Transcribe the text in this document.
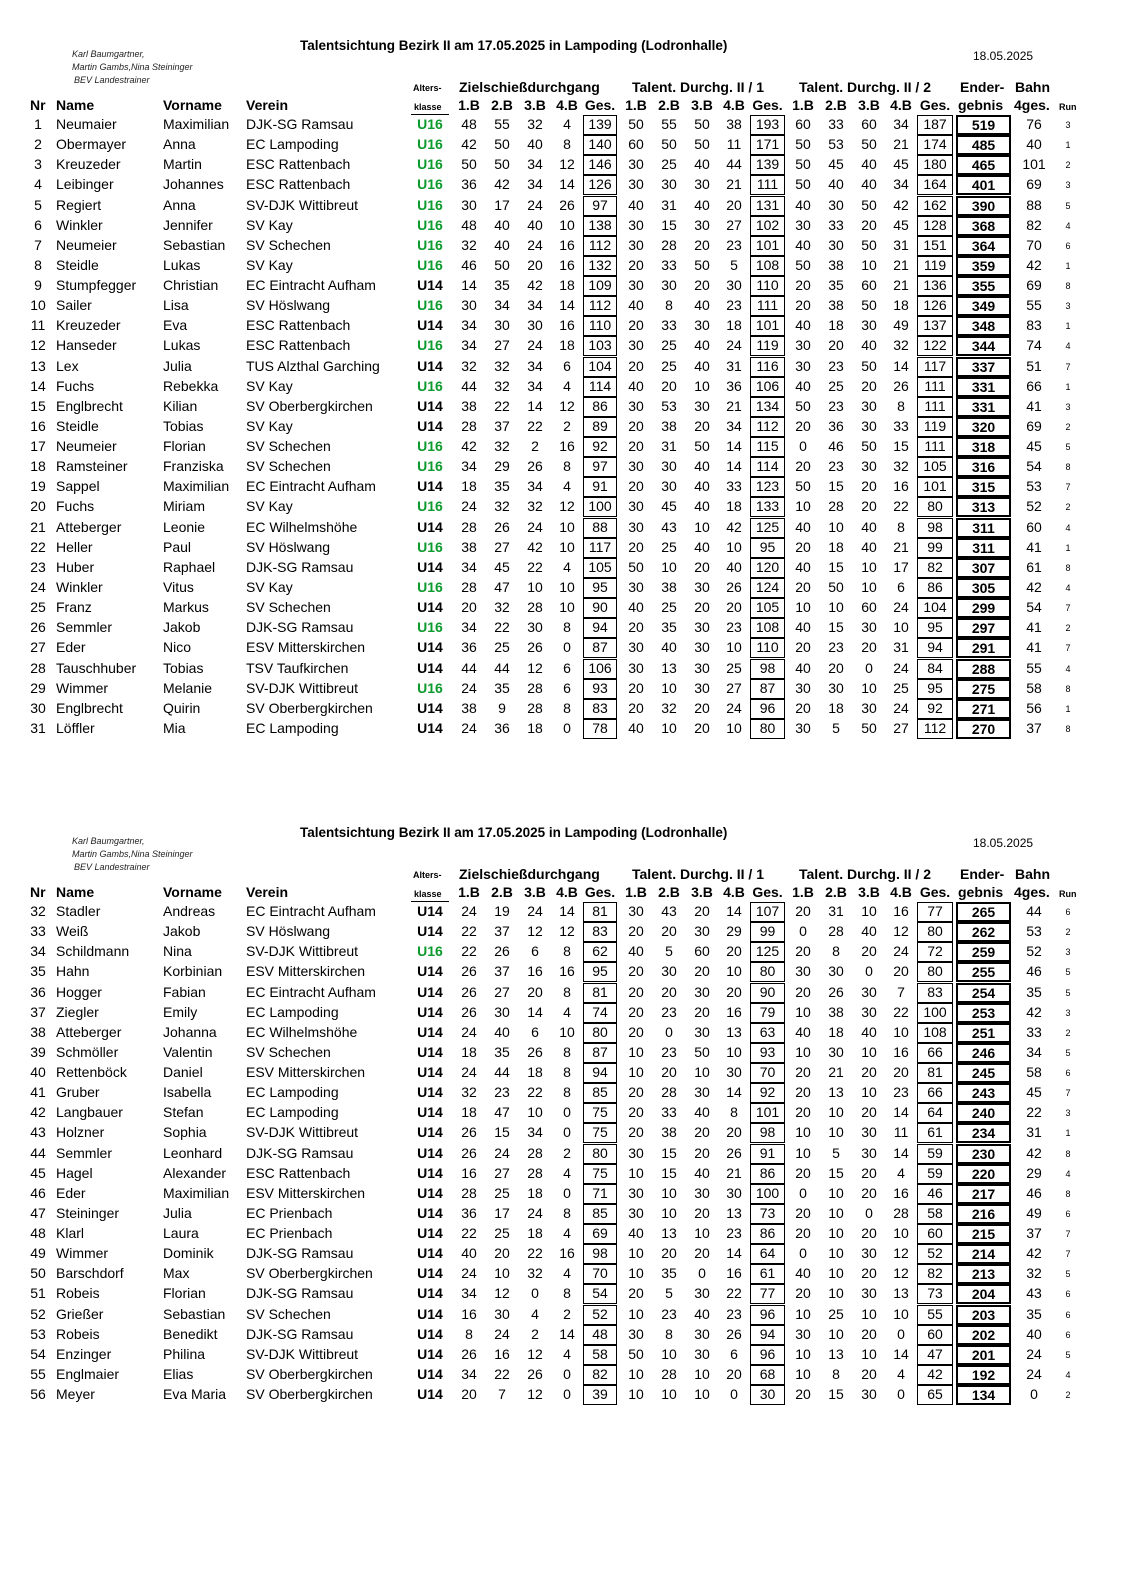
Karl Baumgartner,
Martin Gambs,Nina Steininger
BEV Landestrainer
Talentsichtung Bezirk II am 17.05.2025 in Lampoding (Lodronhalle)
18.05.2025
Zielschießdurchgang Talent. Durchg. II / 1	Talent. Durchg. II / 2 Ender- Bahn
Alters-
Nr Name	Vorname Verein	klasse	gebnis 4ges. Run
1.B 2.B 3.B 4.B Ges. 1.B 2.B 3.B 4.B Ges. 1.B 2.B 3.B 4.B Ges.
1	Neumaier	Maximilian	DJK-SG Ramsau	U16	48	55	32	4	139	50	55	50	38	193	60	33	60	34	187	519	76	3
2	Obermayer	Anna	EC Lampoding	U16	42	50	40	8	140	60	50	50	11	171	50	53	50	21	174	485	40	1
3	Kreuzeder	Martin	ESC Rattenbach	U16	50	50	34	12 146	30	25	40	44	139	50	45	40	45	180	465	101	2
4	Leibinger	Johannes	ESC Rattenbach	U16	36	42	34	14 126	30	30	30	21	111	50	40	40	34	164	401	69	3
5	Regiert	Anna	SV-DJK Wittibreut	U16	30	17	24	26	97	40	31	40	20	131	40	30	50	42	162	390	88	5
6	Winkler	Jennifer	SV Kay	U16	48	40	40	10 138	30	15	30	27	102	30	33	20	45	128	368	82	4
7	Neumeier	Sebastian	SV Schechen	U16	32	40	24	16	112	30	28	20	23	101	40	30	50	31	151	364	70	6
8	Steidle	Lukas	SV Kay	U16	46	50	20	16 132	20	33	50	5	108	50	38	10	21	119	359	42	1
9	Stumpfegger	Christian	EC Eintracht Aufham	U14	14	35	42	18 109	30	30	20	30	110	20	35	60	21	136	355	69	8
10 Sailer	Lisa	SV Höslwang	U16	30	34	34	14	112	40	8	40	23	111	20	38	50	18	126	349	55	3
11 Kreuzeder	Eva	ESC Rattenbach	U14	34	30	30	16	110	20	33	30	18	101	40	18	30	49	137	348	83	1
12 Hanseder	Lukas	ESC Rattenbach	U16	34	27	24	18 103	30	25	40	24	119	30	20	40	32	122	344	74	4
13 Lex	Julia	TUS Alzthal Garching	U14	32	32	34	6	104	20	25	40	31	116	30	23	50	14	117	337	51	7
14 Fuchs	Rebekka	SV Kay	U16	44	32	34	4	114	40	20	10	36	106	40	25	20	26	111	331	66	1
15 Englbrecht	Kilian	SV Oberbergkirchen	U14	38	22	14	12	86	30	53	30	21	134	50	23	30	8	111	331	41	3
16 Steidle	Tobias	SV Kay	U14	28	37	22	2	89	20	38	20	34	112	20	36	30	33	119	320	69	2
17 Neumeier	Florian	SV Schechen	U16	42	32	2	16	92	20	31	50	14	115	0	46	50	15	111	318	45	5
18 Ramsteiner	Franziska	SV Schechen	U16	34	29	26	8	97	30	30	40	14	114	20	23	30	32	105	316	54	8
19 Sappel	Maximilian	EC Eintracht Aufham	U14	18	35	34	4	91	20	30	40	33	123	50	15	20	16	101	315	53	7
20 Fuchs	Miriam	SV Kay	U16	24	32	32	12 100	30	45	40	18	133	10	28	20	22	80	313	52	2
21 Atteberger	Leonie	EC Wilhelmshöhe	U14	28	26	24	10	88	30	43	10	42	125	40	10	40	8	98	311	60	4
22 Heller	Paul	SV Höslwang	U16	38	27	42	10	117	20	25	40	10	95	20	18	40	21	99	311	41	1
23 Huber	Raphael	DJK-SG Ramsau	U14	34	45	22	4	105	50	10	20	40	120	40	15	10	17	82	307	61	8
24 Winkler	Vitus	SV Kay	U16	28	47	10	10	95	30	38	30	26	124	20	50	10	6	86	305	42	4
25 Franz	Markus	SV Schechen	U14	20	32	28	10	90	40	25	20	20	105	10	10	60	24	104	299	54	7
26 Semmler	Jakob	DJK-SG Ramsau	U16	34	22	30	8	94	20	35	30	23	108	40	15	30	10	95	297	41	2
27 Eder	Nico	ESV Mitterskirchen	U14	36	25	26	0	87	30	40	30	10	110	20	23	20	31	94	291	41	7
28 Tauschhuber	Tobias	TSV Taufkirchen	U14	44	44	12	6	106	30	13	30	25	98	40	20	0	24	84	288	55	4
29 Wimmer	Melanie	SV-DJK Wittibreut	U16	24	35	28	6	93	20	10	30	27	87	30	30	10	25	95	275	58	8
30 Englbrecht	Quirin	SV Oberbergkirchen	U14	38	9	28	8	83	20	32	20	24	96	20	18	30	24	92	271	56	1
31 Löffler	Mia	EC Lampoding	U14	24	36	18	0	78	40	10	20	10	80	30	5	50	27	112	270	37	8
Karl Baumgartner,
Martin Gambs,Nina Steininger
BEV Landestrainer
Talentsichtung Bezirk II am 17.05.2025 in Lampoding (Lodronhalle)
18.05.2025
Zielschießdurchgang Talent. Durchg. II / 1	Talent. Durchg. II / 2 Ender- Bahn
Alters-
Nr Name	Vorname Verein	klasse	gebnis 4ges. Run
1.B 2.B 3.B 4.B Ges. 1.B 2.B 3.B 4.B Ges. 1.B 2.B 3.B 4.B Ges.
32 Stadler	Andreas	EC Eintracht Aufham	U14	24	19	24	14	81	30	43	20	14	107	20	31	10	16	77	265	44	6
33 Weiß	Jakob	SV Höslwang	U14	22	37	12	12	83	20	20	30	29	99	0	28	40	12	80	262	53	2
34 Schildmann	Nina	SV-DJK Wittibreut	U16	22	26	6	8	62	40	5	60	20	125	20	8	20	24	72	259	52	3
35 Hahn	Korbinian	ESV Mitterskirchen	U14	26	37	16	16	95	20	30	20	10	80	30	30	0	20	80	255	46	5
36 Hogger	Fabian	EC Eintracht Aufham	U14	26	27	20	8	81	20	20	30	20	90	20	26	30	7	83	254	35	5
37 Ziegler	Emily	EC Lampoding	U14	26	30	14	4	74	20	23	20	16	79	10	38	30	22	100	253	42	3
38 Atteberger	Johanna	EC Wilhelmshöhe	U14	24	40	6	10	80	20	0	30	13	63	40	18	40	10	108	251	33	2
39 Schmöller	Valentin	SV Schechen	U14	18	35	26	8	87	10	23	50	10	93	10	30	10	16	66	246	34	5
40 Rettenböck	Daniel	ESV Mitterskirchen	U14	24	44	18	8	94	10	20	10	30	70	20	21	20	20	81	245	58	6
41 Gruber	Isabella	EC Lampoding	U14	32	23	22	8	85	20	28	30	14	92	20	13	10	23	66	243	45	7
42 Langbauer	Stefan	EC Lampoding	U14	18	47	10	0	75	20	33	40	8	101	20	10	20	14	64	240	22	3
43 Holzner	Sophia	SV-DJK Wittibreut	U14	26	15	34	0	75	20	38	20	20	98	10	10	30	11	61	234	31	1
44 Semmler	Leonhard	DJK-SG Ramsau	U14	26	24	28	2	80	30	15	20	26	91	10	5	30	14	59	230	42	8
45 Hagel	Alexander	ESC Rattenbach	U14	16	27	28	4	75	10	15	40	21	86	20	15	20	4	59	220	29	4
46 Eder	Maximilian	ESV Mitterskirchen	U14	28	25	18	0	71	30	10	30	30	100	0	10	20	16	46	217	46	8
47 Steininger	Julia	EC Prienbach	U14	36	17	24	8	85	30	10	20	13	73	20	10	0	28	58	216	49	6
48 Klarl	Laura	EC Prienbach	U14	22	25	18	4	69	40	13	10	23	86	20	10	20	10	60	215	37	7
49 Wimmer	Dominik	DJK-SG Ramsau	U14	40	20	22	16	98	10	20	20	14	64	0	10	30	12	52	214	42	7
50 Barschdorf	Max	SV Oberbergkirchen	U14	24	10	32	4	70	10	35	0	16	61	40	10	20	12	82	213	32	5
51 Robeis	Florian	DJK-SG Ramsau	U14	34	12	0	8	54	20	5	30	22	77	20	10	30	13	73	204	43	6
52 Grießer	Sebastian	SV Schechen	U14	16	30	4	2	52	10	23	40	23	96	10	25	10	10	55	203	35	6
53 Robeis	Benedikt	DJK-SG Ramsau	U14	8	24	2	14	48	30	8	30	26	94	30	10	20	0	60	202	40	6
54 Enzinger	Philina	SV-DJK Wittibreut	U14	26	16	12	4	58	50	10	30	6	96	10	13	10	14	47	201	24	5
55 Englmaier	Elias	SV Oberbergkirchen	U14	34	22	26	0	82	10	28	10	20	68	10	8	20	4	42	192	24	4
56 Meyer	Eva Maria	SV Oberbergkirchen	U14	20	7	12	0	39	10	10	10	0	30	20	15	30	0	65	134	0	2
